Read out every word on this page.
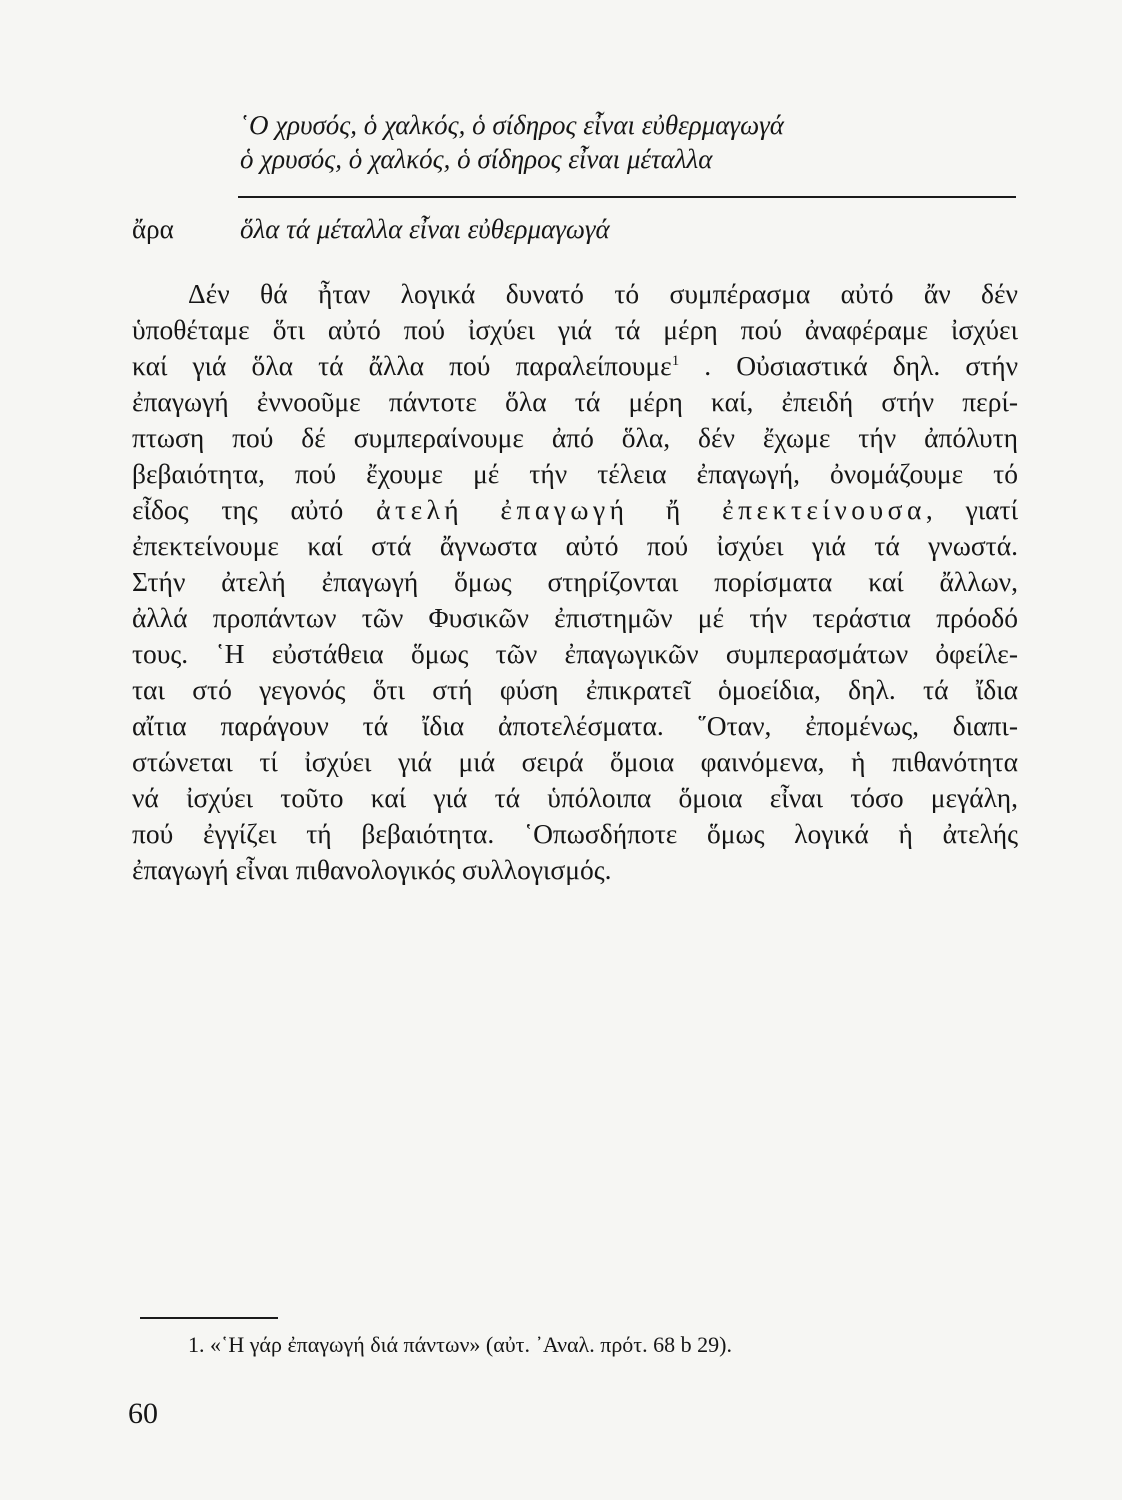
῾Ο χρυσός, ὁ χαλκός, ὁ σίδηρος εἶναι εὐθερμαγωγά
ὁ χρυσός, ὁ χαλκός, ὁ σίδηρος εἶναι μέταλλα
ἄρα ὅλα τά μέταλλα εἶναι εὐθερμαγωγά
Δέν θά ἦταν λογικά δυνατό τό συμπέρασμα αὐτό ἄν δέν
ὑποθέταμε ὅτι αὐτό πού ἰσχύει γιά τά μέρη πού ἀναφέραμε ἰσχύει
καί γιά ὅλα τά ἄλλα πού παραλείπουμε$^1$ . Οὐσιαστικά δηλ. στήν
ἐπαγωγή ἐννοοῦμε πάντοτε ὅλα τά μέρη καί, ἐπειδή στήν περί-
πτωση πού δέ συμπεραίνουμε ἀπό ὅλα, δέν ἔχωμε τήν ἀπόλυτη
βεβαιότητα, πού ἔχουμε μέ τήν τέλεια ἐπαγωγή, ὀνομάζουμε τό
εἶδος της αὐτό ἀτελή ἐπαγωγή ἤ ἐπεκτείνουσα, γιατί
ἐπεκτείνουμε καί στά ἄγνωστα αὐτό πού ἰσχύει γιά τά γνωστά.
Στήν ἀτελή ἐπαγωγή ὅμως στηρίζονται πορίσματα καί ἄλλων,
ἀλλά προπάντων τῶν Φυσικῶν ἐπιστημῶν μέ τήν τεράστια πρόοδό
τους. ῾Η εὐστάθεια ὅμως τῶν ἐπαγωγικῶν συμπερασμάτων ὀφείλε-
ται στό γεγονός ὅτι στή φύση ἐπικρατεῖ ὁμοείδια, δηλ. τά ἴδια
αἴτια παράγουν τά ἴδια ἀποτελέσματα. ῞Οταν, ἐπομένως, διαπι-
στώνεται τί ἰσχύει γιά μιά σειρά ὅμοια φαινόμενα, ἡ πιθανότητα
νά ἰσχύει τοῦτο καί γιά τά ὑπόλοιπα ὅμοια εἶναι τόσο μεγάλη,
πού ἐγγίζει τή βεβαιότητα. ῾Οπωσδήποτε ὅμως λογικά ἡ ἀτελής
ἐπαγωγή εἶναι πιθανολογικός συλλογισμός.
1. «῾Η γάρ ἐπαγωγή διά πάντων» (αὐτ. ᾿Αναλ. πρότ. 68 b 29).
60
